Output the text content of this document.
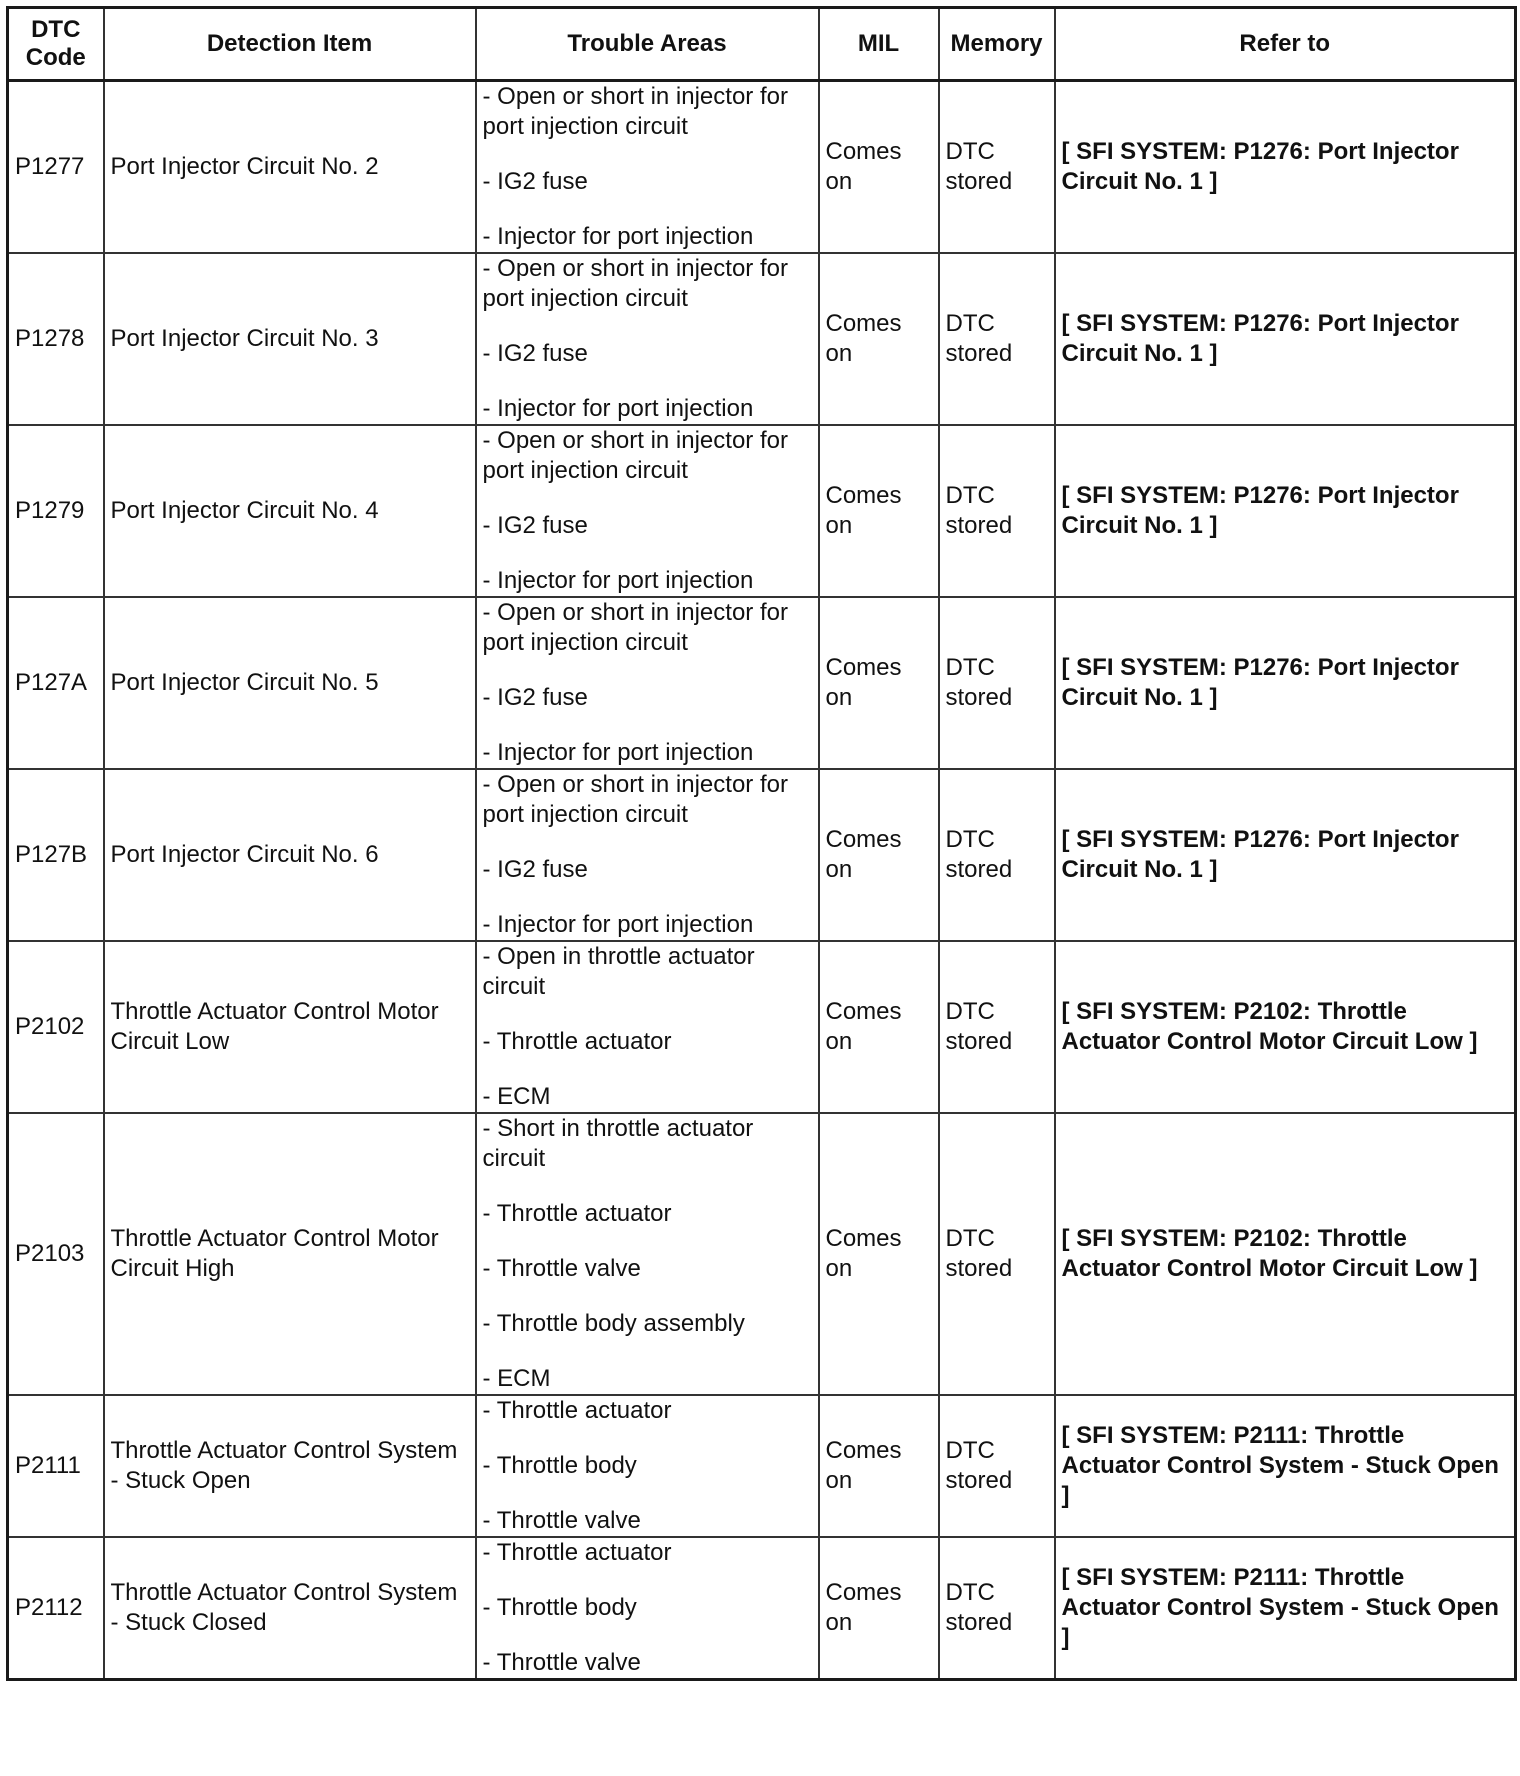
DTC
Code	Detection Item	Trouble Areas	MIL	Memory	Refer to
P1277	Port Injector Circuit No. 2	- Open or short in injector for port injection circuit
- IG2 fuse
- Injector for port injection	Comes on	DTC stored	[ SFI SYSTEM: P1276: Port Injector Circuit No. 1 ]
P1278	Port Injector Circuit No. 3	- Open or short in injector for port injection circuit
- IG2 fuse
- Injector for port injection	Comes on	DTC stored	[ SFI SYSTEM: P1276: Port Injector Circuit No. 1 ]
P1279	Port Injector Circuit No. 4	- Open or short in injector for port injection circuit
- IG2 fuse
- Injector for port injection	Comes on	DTC stored	[ SFI SYSTEM: P1276: Port Injector Circuit No. 1 ]
P127A	Port Injector Circuit No. 5	- Open or short in injector for port injection circuit
- IG2 fuse
- Injector for port injection	Comes on	DTC stored	[ SFI SYSTEM: P1276: Port Injector Circuit No. 1 ]
P127B	Port Injector Circuit No. 6	- Open or short in injector for port injection circuit
- IG2 fuse
- Injector for port injection	Comes on	DTC stored	[ SFI SYSTEM: P1276: Port Injector Circuit No. 1 ]
P2102	Throttle Actuator Control Motor Circuit Low	- Open in throttle actuator circuit
- Throttle actuator
- ECM	Comes on	DTC stored	[ SFI SYSTEM: P2102: Throttle Actuator Control Motor Circuit Low ]
P2103	Throttle Actuator Control Motor Circuit High	- Short in throttle actuator circuit
- Throttle actuator
- Throttle valve
- Throttle body assembly
- ECM	Comes on	DTC stored	[ SFI SYSTEM: P2102: Throttle Actuator Control Motor Circuit Low ]
P2111	Throttle Actuator Control System - Stuck Open	- Throttle actuator
- Throttle body
- Throttle valve	Comes on	DTC stored	[ SFI SYSTEM: P2111: Throttle Actuator Control System - Stuck Open ]
P2112	Throttle Actuator Control System - Stuck Closed	- Throttle actuator
- Throttle body
- Throttle valve	Comes on	DTC stored	[ SFI SYSTEM: P2111: Throttle Actuator Control System - Stuck Open ]
